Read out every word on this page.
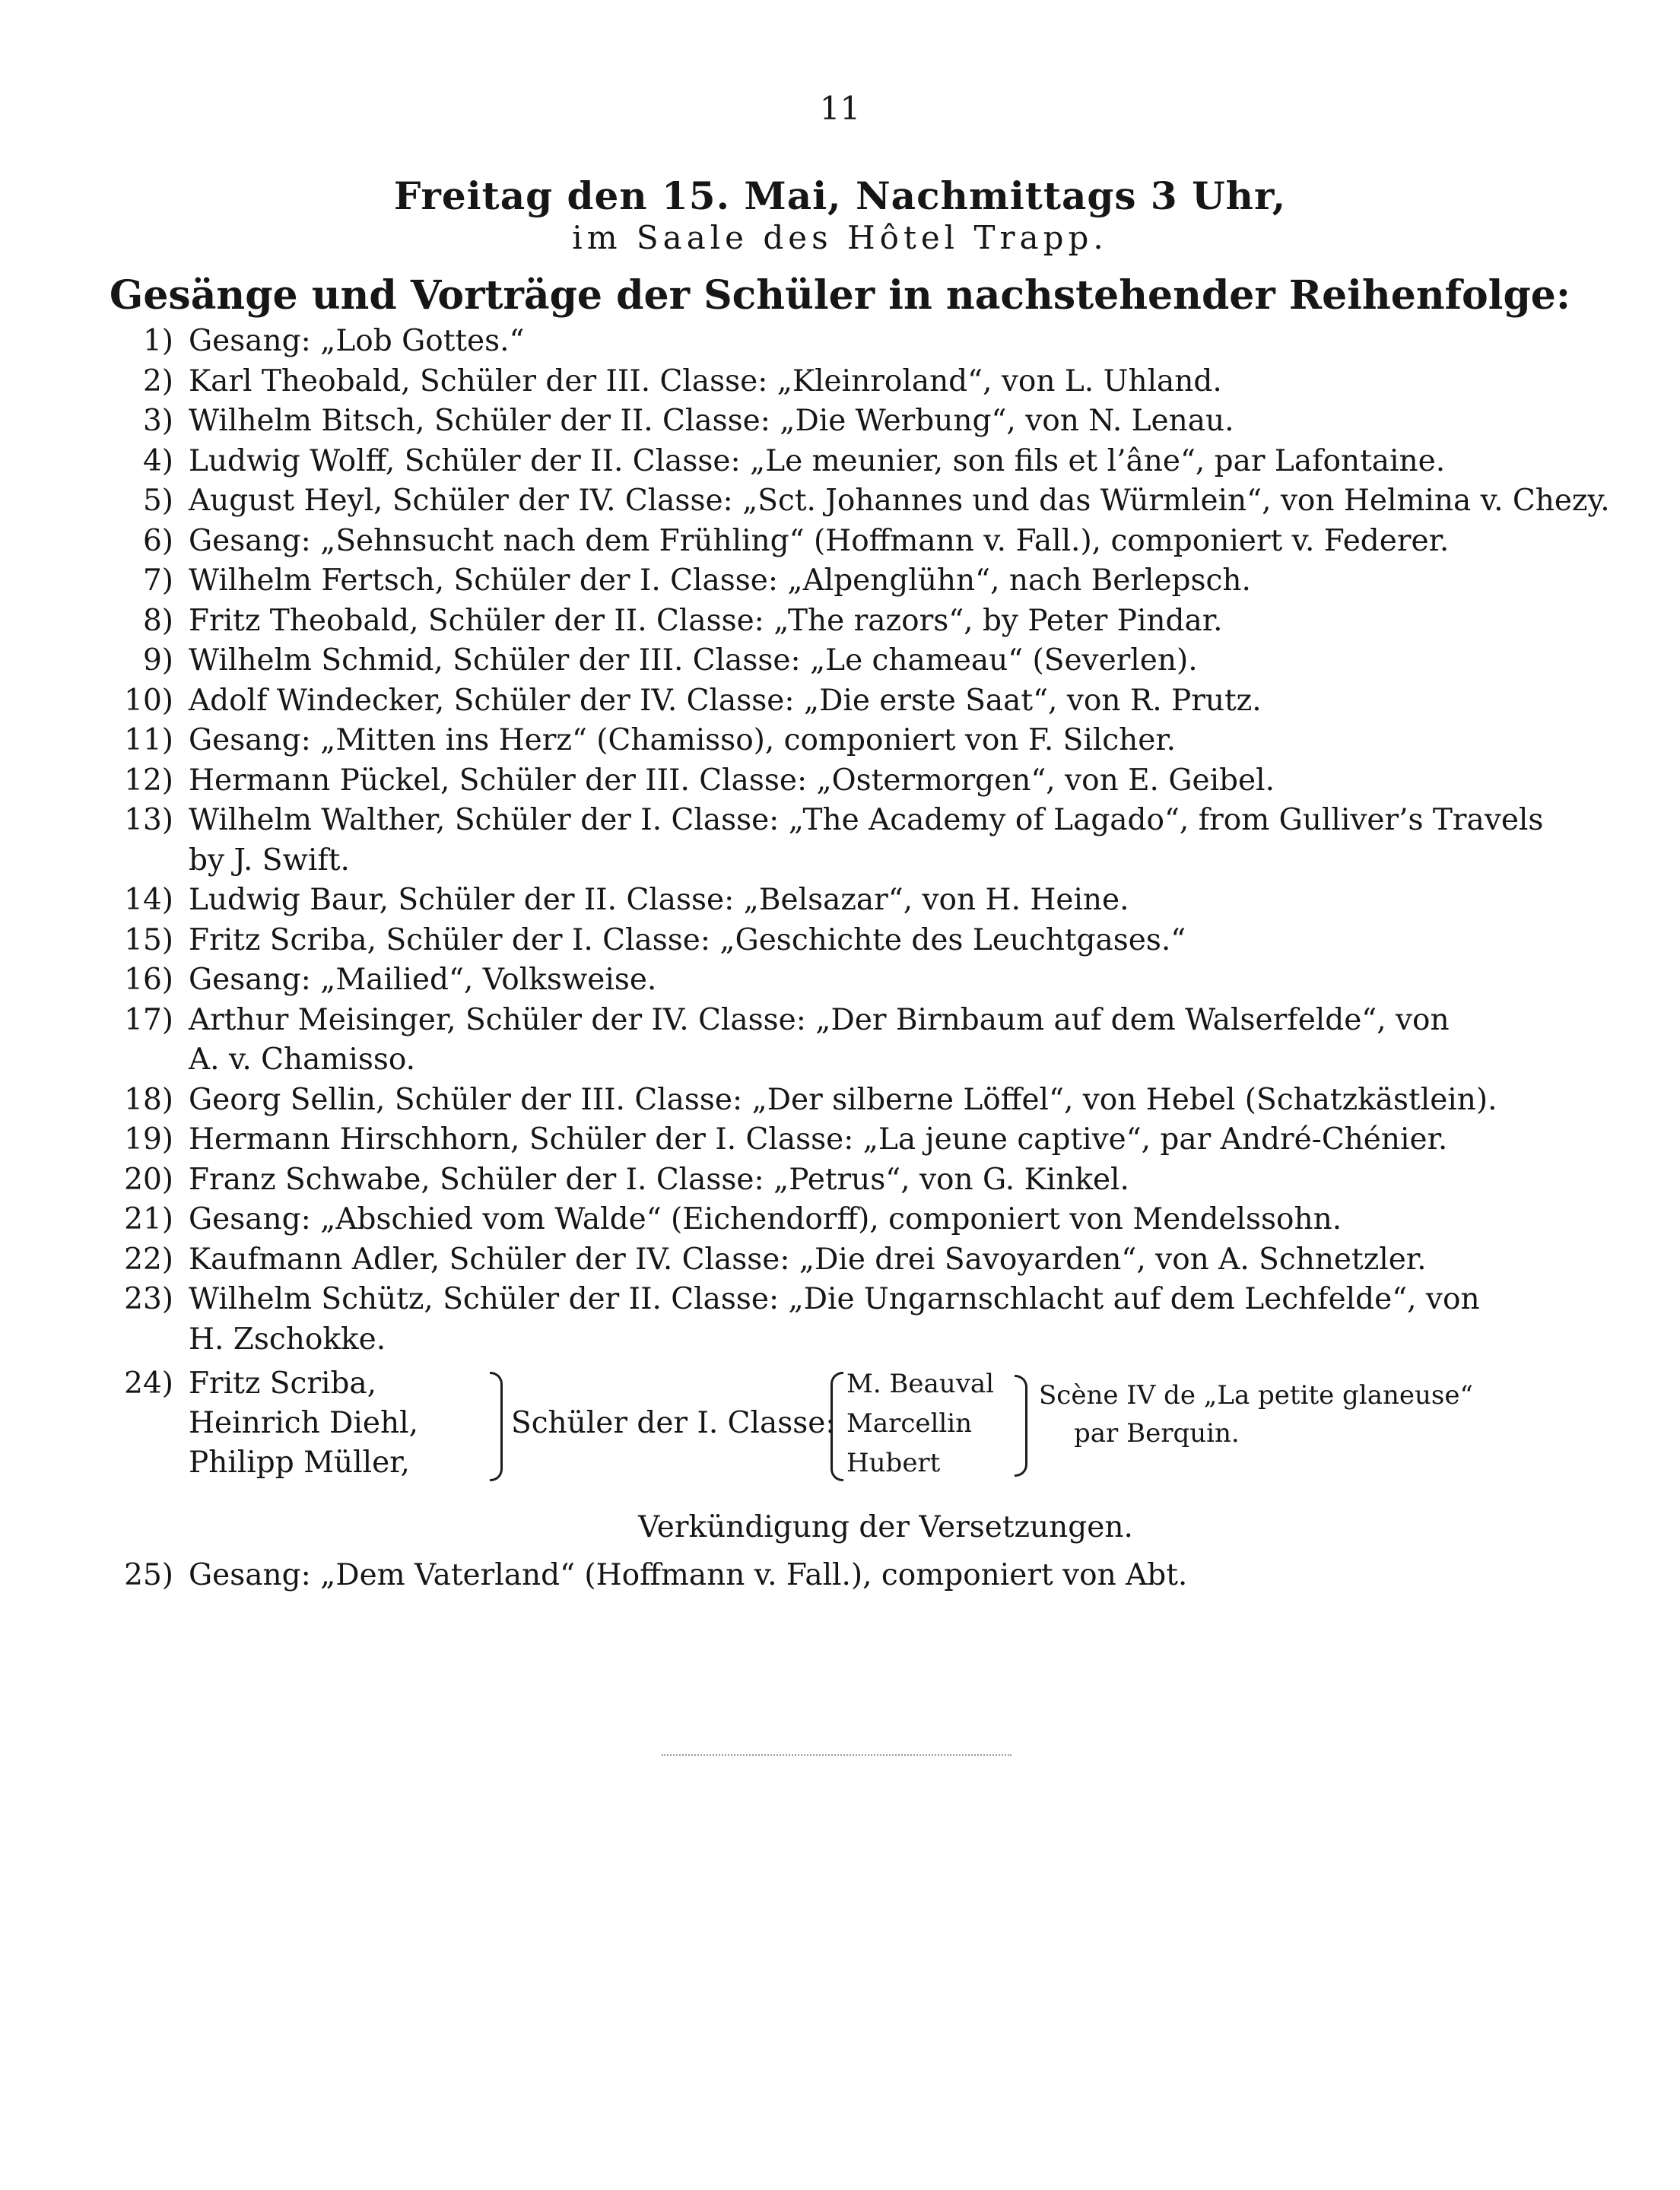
11
Freitag den 15. Mai, Nachmittags 3 Uhr,
im Saale des Hôtel Trapp.
Gesänge und Vorträge der Schüler in nachstehender Reihenfolge:
1) Gesang: „Lob Gottes.“
2) Karl Theobald, Schüler der III. Classe: „Kleinroland“, von L. Uhland.
3) Wilhelm Bitsch, Schüler der II. Classe: „Die Werbung“, von N. Lenau.
4) Ludwig Wolff, Schüler der II. Classe: „Le meunier, son fils et l’âne“, par Lafontaine.
5) August Heyl, Schüler der IV. Classe: „Sct. Johannes und das Würmlein“, von Helmina v. Chezy.
6) Gesang: „Sehnsucht nach dem Frühling“ (Hoffmann v. Fall.), componiert v. Federer.
7) Wilhelm Fertsch, Schüler der I. Classe: „Alpenglühn“, nach Berlepsch.
8) Fritz Theobald, Schüler der II. Classe: „The razors“, by Peter Pindar.
9) Wilhelm Schmid, Schüler der III. Classe: „Le chameau“ (Severlen).
10) Adolf Windecker, Schüler der IV. Classe: „Die erste Saat“, von R. Prutz.
11) Gesang: „Mitten ins Herz“ (Chamisso), componiert von F. Silcher.
12) Hermann Pückel, Schüler der III. Classe: „Ostermorgen“, von E. Geibel.
13) Wilhelm Walther, Schüler der I. Classe: „The Academy of Lagado“, from Gulliver’s Travels
by J. Swift.
14) Ludwig Baur, Schüler der II. Classe: „Belsazar“, von H. Heine.
15) Fritz Scriba, Schüler der I. Classe: „Geschichte des Leuchtgases.“
16) Gesang: „Mailied“, Volksweise.
17) Arthur Meisinger, Schüler der IV. Classe: „Der Birnbaum auf dem Walserfelde“, von
A. v. Chamisso.
18) Georg Sellin, Schüler der III. Classe: „Der silberne Löffel“, von Hebel (Schatzkästlein).
19) Hermann Hirschhorn, Schüler der I. Classe: „La jeune captive“, par André-Chénier.
20) Franz Schwabe, Schüler der I. Classe: „Petrus“, von G. Kinkel.
21) Gesang: „Abschied vom Walde“ (Eichendorff), componiert von Mendelssohn.
22) Kaufmann Adler, Schüler der IV. Classe: „Die drei Savoyarden“, von A. Schnetzler.
23) Wilhelm Schütz, Schüler der II. Classe: „Die Ungarnschlacht auf dem Lechfelde“, von
H. Zschokke.
24) Fritz Scriba,
Heinrich Diehl,
Philipp Müller,
Schüler der I. Classe:
M. Beauval
Marcellin
Hubert
Scène IV de „La petite glaneuse“
par Berquin.
Verkündigung der Versetzungen.
25) Gesang: „Dem Vaterland“ (Hoffmann v. Fall.), componiert von Abt.
